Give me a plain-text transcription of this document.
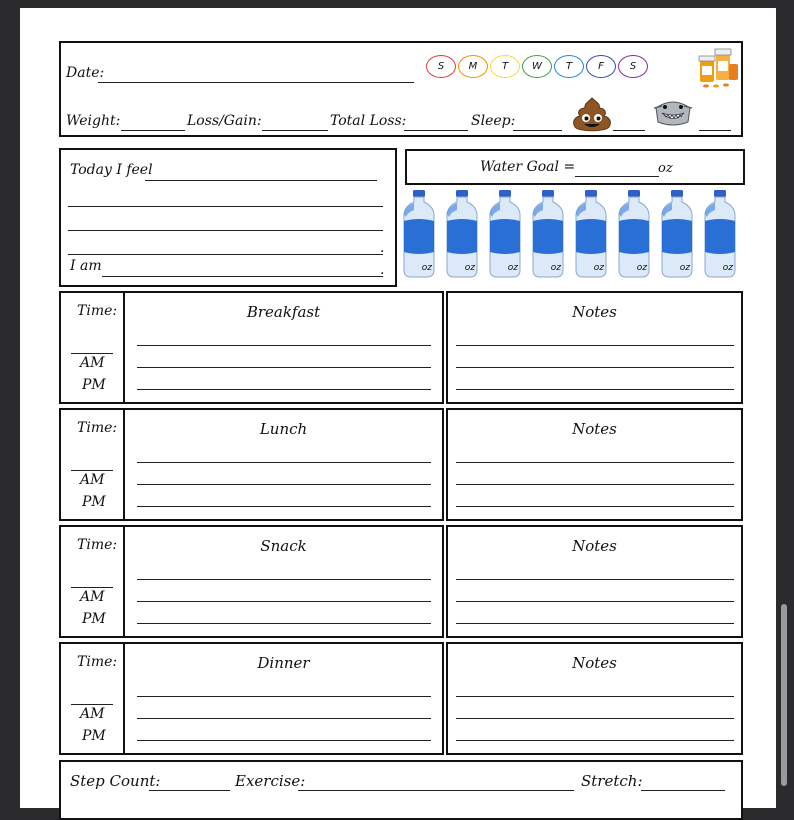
Date:	S	M	T	W	T	F	S
Weight:	Loss/Gain:	Total Loss:	Sleep:
Today I feel
.
I am	.
Water Goal =	oz
oz	oz	oz	oz	oz	oz	oz	oz
Time:
AM
PM
Breakfast	Notes
Time:
AM
PM
Lunch	Notes
Time:
AM
PM
Snack	Notes
Time:
AM
PM
Dinner	Notes
Step Count:	Exercise:	Stretch:
